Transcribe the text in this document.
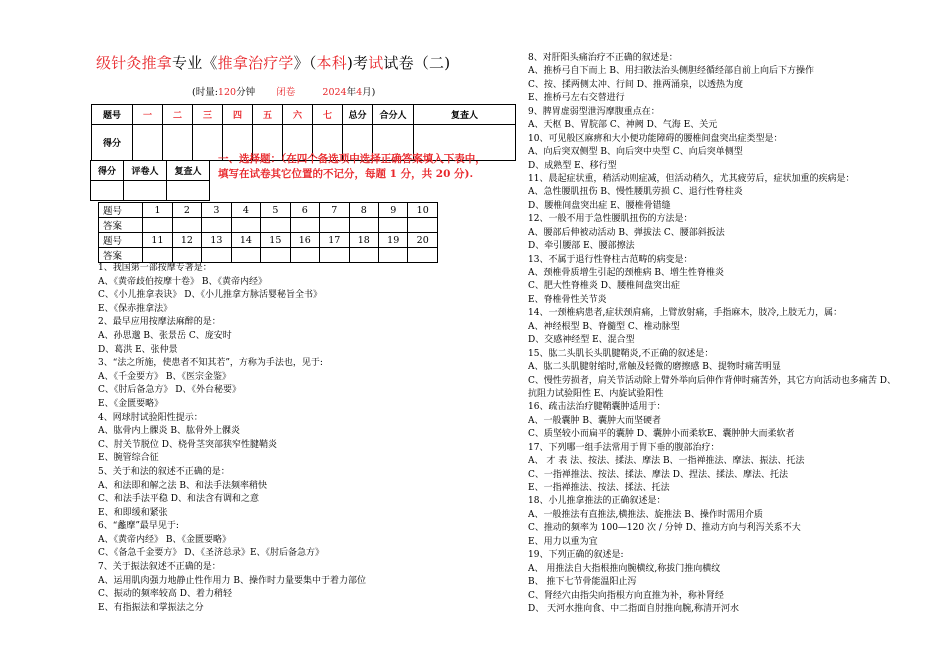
级针灸推拿专业《推拿治疗学》（本科)考试试卷（二)
(时量:120分钟 闭卷	2024年4月)
题号	一	二	三	四	五	六	七	总分	合分人	复查人
得分										
得分	评卷人	复查人

一、选择题：（在四个备选项中选择正确答案填入下表中，填写在试卷其它位置的不记分，每题 1 分，共 20 分).
题号	1	2	3	4	5	6	7	8	9	10
答案										
题号	11	12	13	14	15	16	17	18	19	20
答案										
1、我国第一部按摩专著是：
A、《黄帝歧伯按摩十卷》 B、《黄帝内经》
C、《小儿推拿表诀》 D、《小儿推拿方脉活婴秘旨全书》
E、《保赤推拿法》
2、最早应用按摩法麻醉的是：
A、孙思邈 B、张景岳 C、庞安时
D、葛洪 E、张仲景
3、“法之所施，使患者不知其若”，方称为手法也，见于:
A、《千金要方》 B、《医宗金鉴》
C、《肘后备急方》 D、《外台秘要》
E、《金匮要略》
4、网球肘试验阳性提示：
A、肱骨内上髁炎 B、肱骨外上髁炎
C、肘关节脱位 D、桡骨茎突部狭窄性腱鞘炎
E、腕管综合征
5、关于和法的叙述不正确的是：
A、和法即和解之法 B、和法手法频率稍快
C、和法手法平稳 D、和法含有调和之意
E、和即缓和紧张
6、“蠡摩”最早见于:
A、《黄帝内经》 B、《金匮要略》
C、《备急千金要方》 D、《圣济总录》E、《肘后备急方》
7、关于振法叙述不正确的是：
A、运用肌肉强力地静止性作用力 B、操作时力量要集中于着力部位
C、振动的频率较高 D、着力稍轻
E、有指振法和掌振法之分
8、对肝阳头痛治疗不正确的叙述是：
A、推桥弓自下而上 B、用扫散法治头侧胆经循经部自前上向后下方操作
C、按、揉两侧太冲、行间 D、推两涌泉，以透热为度
E、推桥弓左右交替进行
9、脾胃虚弱型泄泻摩腹重点在：
A、天枢 B、胃脘部 C、神阙 D、气海 E、关元
10、可见般区麻痹和大小便功能障碍的腰椎间盘突出症类型是：
A、向后突双侧型 B、向后突中央型 C、向后突单侧型
D、成熟型 E、移行型
11、晨起症状重，稍活动则症减，但活动稍久，尤其疲劳后，症状加重的疾病是：
A、急性腰肌扭伤 B、慢性腰肌劳损 C、退行性脊柱炎
D、腰椎间盘突出症 E、腰椎骨错缝
12、一般不用于急性腰肌扭伤的方法是：
A、腰部后伸被动活动 B、弹拔法 C、腰部斜扳法
D、牵引腰部 E、腰部擦法
13、不属于退行性脊柱古范畴的病变是：
A、颈椎骨质增生引起的颈椎病 B、增生性脊椎炎
C、肥大性脊椎炎 D、腰椎间盘突出症
E、脊椎骨性关节炎
14、一颈椎病患者,症状颈肩痛，上臂放射痛，手指麻木，肢冷,上肢无力，属：
A、神经根型 B、脊髓型 C、椎动脉型
D、交感神经型 E、混合型
15、肱二头肌长头肌腱鞘炎,不正确的叙述是：
A、肱二头肌腱射缩时,常触及轻微的磨擦感 B、提物时痛苦明显
C、慢性劳损者，肩关节活动除上臂外举向后伸作背伸时痛苦外，其它方向活动也多痛苦 D、
抗阻力试验阳性 E、内旋试验阳性
16、疏击法治疗腱鞘囊肿适用于：
A、一般囊肿 B、囊肿大而坚硬者
C、质坚较小而扁平的囊肿 D、囊肿小而柔软E、囊肿肿大而柔软者
17、下列哪一组手法常用于胃下垂的腹部治疗：
A、 才 表 法、按法、揉法、摩法 B、一指禅推法、摩法、振法、托法
C、一指禅推法、按法、揉法、摩法 D、捏法、揉法、摩法、托法
E、一指禅推法、按法、揉法、托法
18、小儿推拿推法的正确叙述是：
A、一般推法有直推法,横推法、旋推法 B、操作时需用介质
C、推动的频率为 100—120 次 / 分钟 D、推动方向与利泻关系不大
E、用力以重为宜
19、下列正确的叙述是:
A、 用推法自大指根推向腕横纹,称拔门推向横纹
B、 推下七节骨能温阳止泻
C、肾经穴由指尖向指根方向直推为补，称补肾经
D、 天河水推向食、中二指面自肘推向腕,称清开河水
